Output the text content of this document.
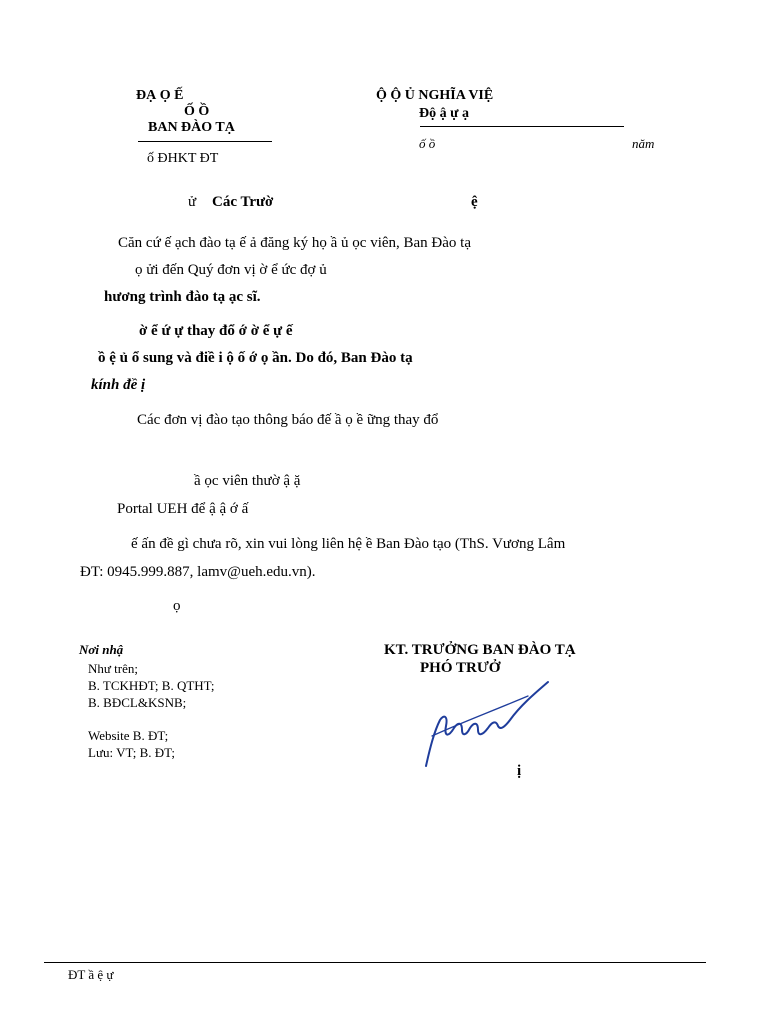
ĐẠ Ọ Ế
Ố Ồ
BAN ĐÀO TẠ
ố ĐHKT ĐT
Ộ Ộ Ủ NGHĨA VIỆ
Độ ậ ự ạ
ố ồ	năm
ử Các Trườ	ệ
Căn cứ ế ạch đào tạ ế ả đăng ký họ ầ ủ ọc viên, Ban Đào tạ
ọ ửi đến Quý đơn vị ờ ể ức đợ ủ
hương trình đào tạ ạc sĩ.
ờ ể ứ ự thay đổ ớ ờ ể ự ế
ồ ệ ủ ổ sung và điề i ộ ố ớ ọ ần. Do đó, Ban Đào tạ
kính đề ị
Các đơn vị đào tạo thông báo đế ầ ọ ề ững thay đổ
ầ ọc viên thườ ậ ặ
Portal UEH để ậ ậ ớ ấ
ế ấn đề gì chưa rõ, xin vui lòng liên hệ ề Ban Đào tạo (ThS. Vương Lâm
ĐT: 0945.999.887, lamv@ueh.edu.vn).
ọ
Nơi nhậ
Như trên;
B. TCKHĐT; B. QTHT;
B. BĐCL&KSNB;
Website B. ĐT;
Lưu: VT; B. ĐT;
KT. TRƯỞNG BAN ĐÀO TẠ
PHÓ TRƯỞ
ị
ĐT ầ ệ ự
